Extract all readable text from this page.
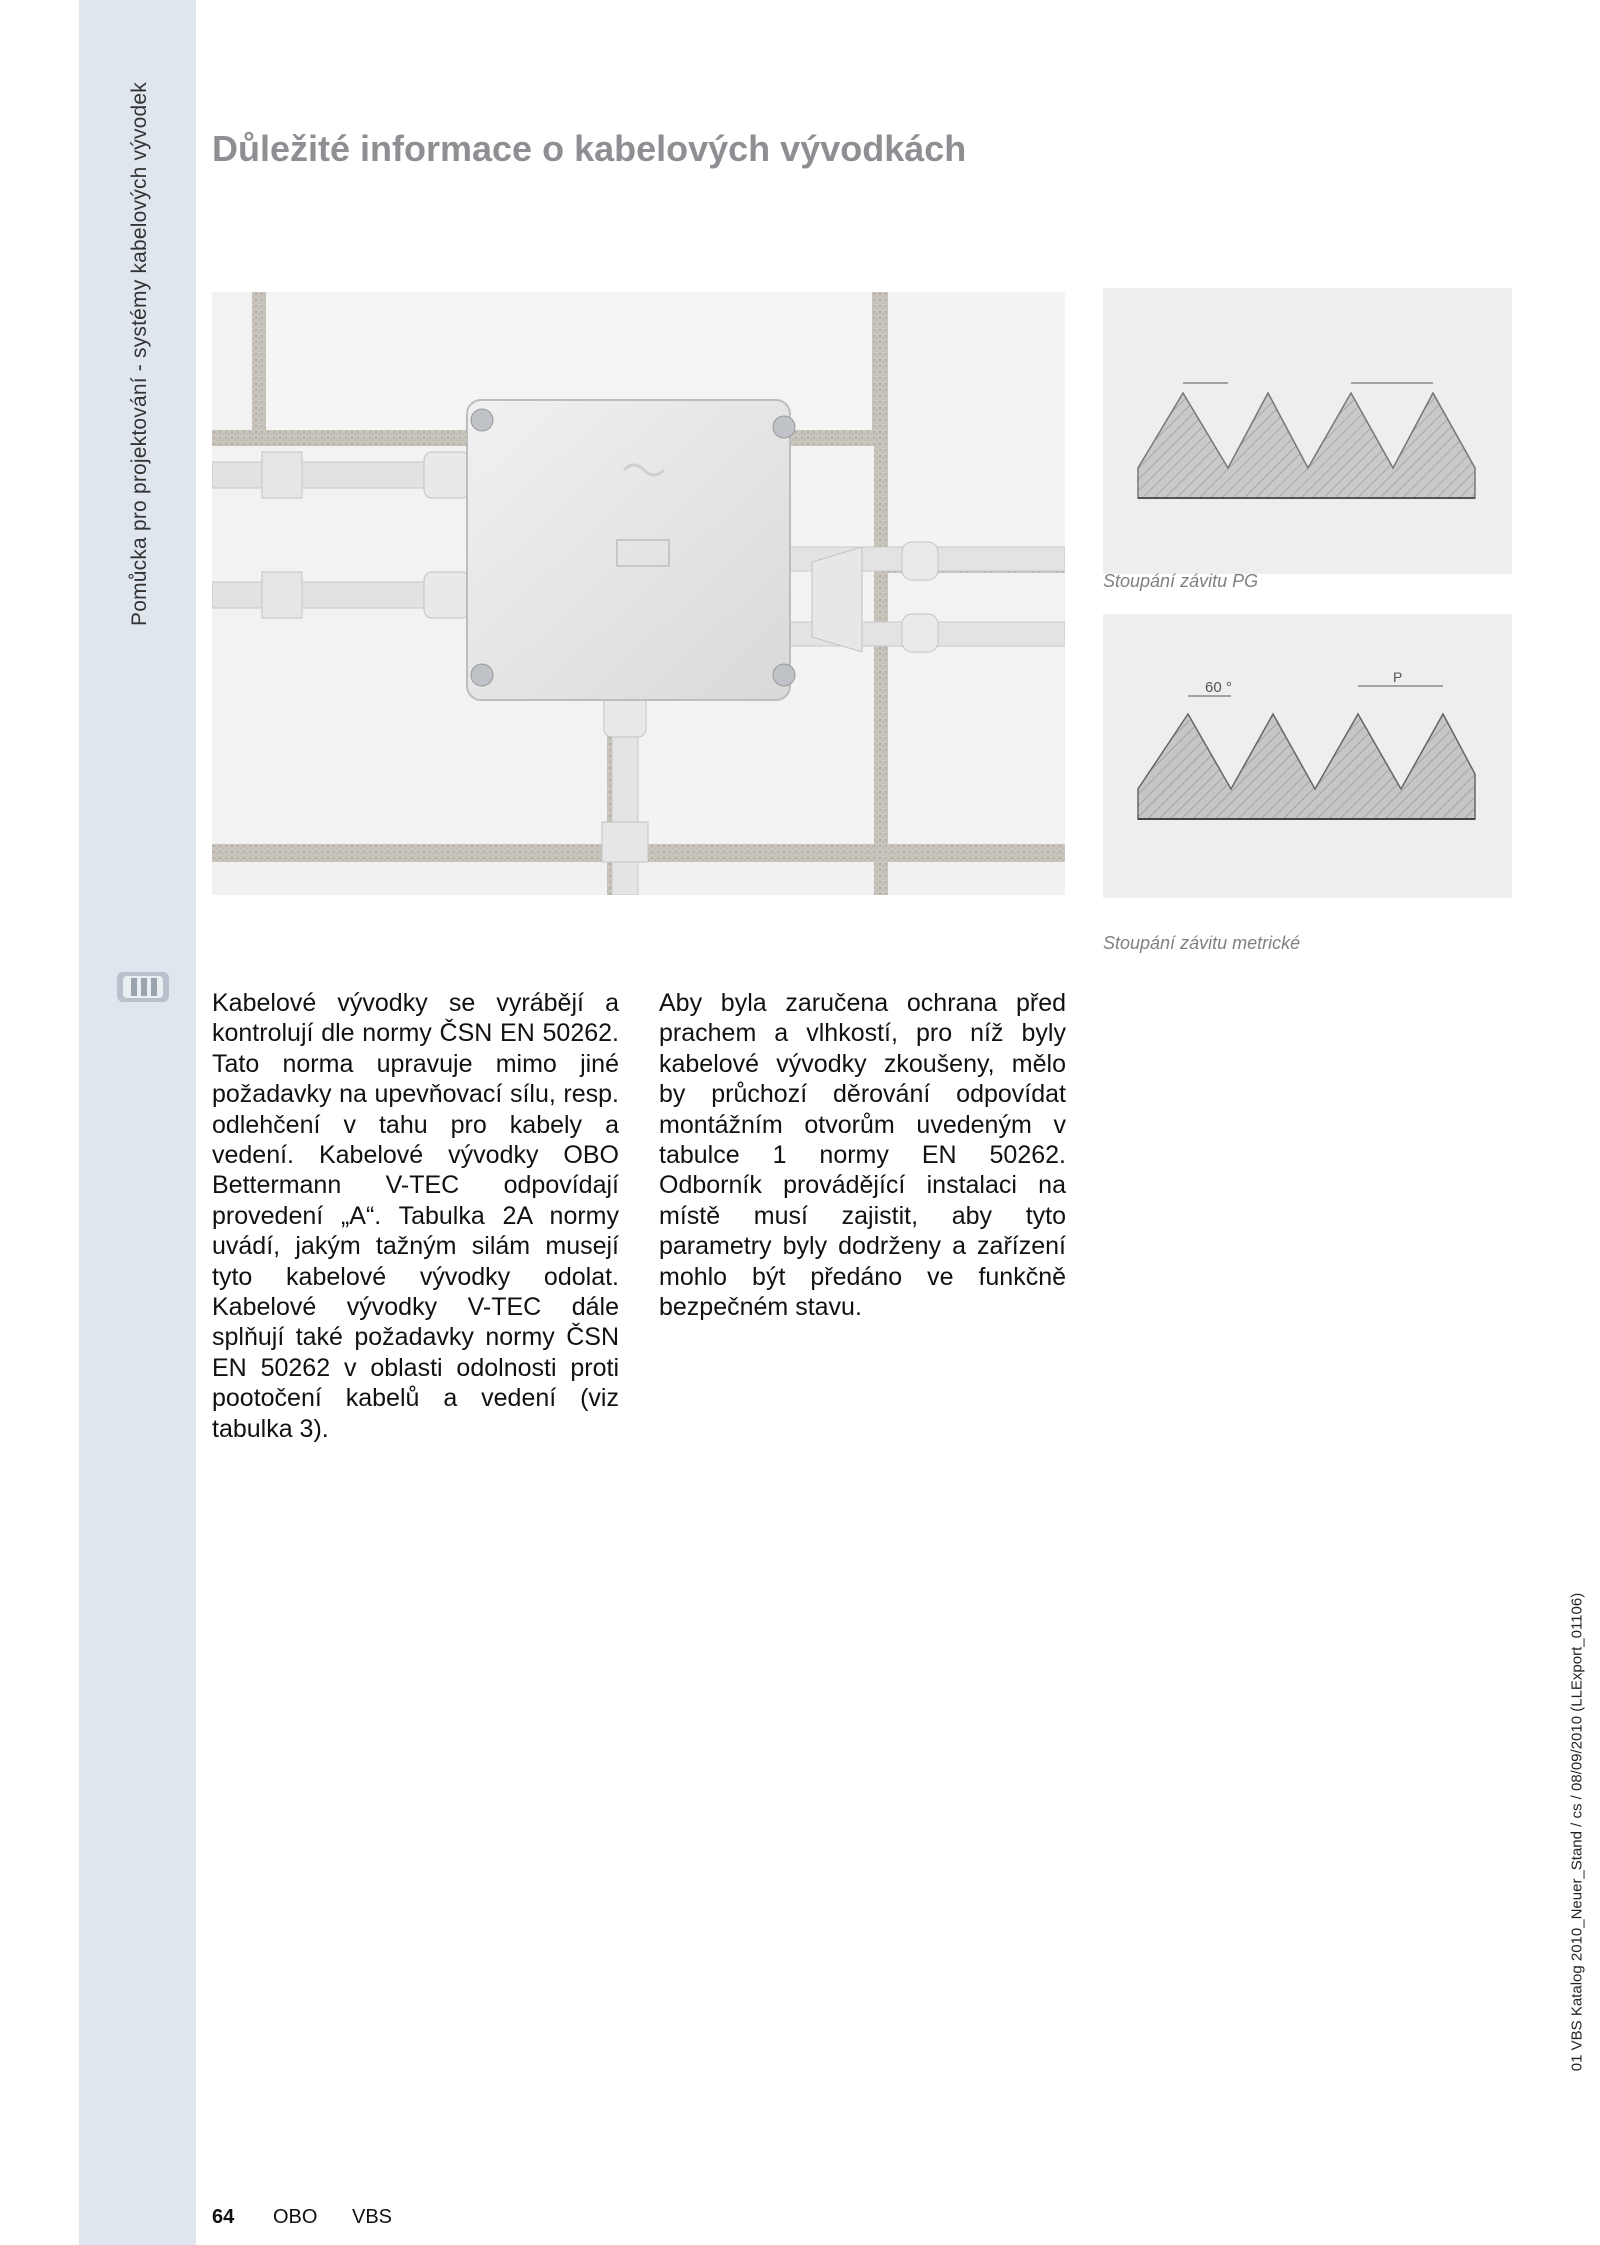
Pomůcka pro projektování - systémy kabelových vývodek Důležité informace o kabelových vývodkách

Stoupání závitu PG

60 °
P

Stoupání závitu metrické

Kabelové vývodky se vyrábějí a kontrolují dle normy ČSN EN 50262. Tato norma upravuje mimo jiné požadavky na upevňovací sílu, resp. odlehčení v tahu pro kabely a vedení. Kabelové vývodky OBO Bettermann V-TEC odpovídají provedení „A“. Tabulka 2A normy uvádí, jakým tažným silám musejí tyto kabelové vývodky odolat. Kabelové vývodky V-TEC dále splňují také požadavky normy ČSN EN 50262 v oblasti odolnosti proti pootočení kabelů a vedení (viz tabulka 3).

Aby byla zaručena ochrana před prachem a vlhkostí, pro níž byly kabelové vývodky zkoušeny, mělo by průchozí děrování odpovídat montážním otvorům uvedeným v tabulce 1 normy EN 50262. Odborník provádějící instalaci na místě musí zajistit, aby tyto parametry byly dodrženy a zařízení mohlo být předáno ve funkčně bezpečném stavu.

64 OBO VBS
01 VBS Katalog 2010_Neuer_Stand / cs / 08/09/2010 (LLExport_01106)
